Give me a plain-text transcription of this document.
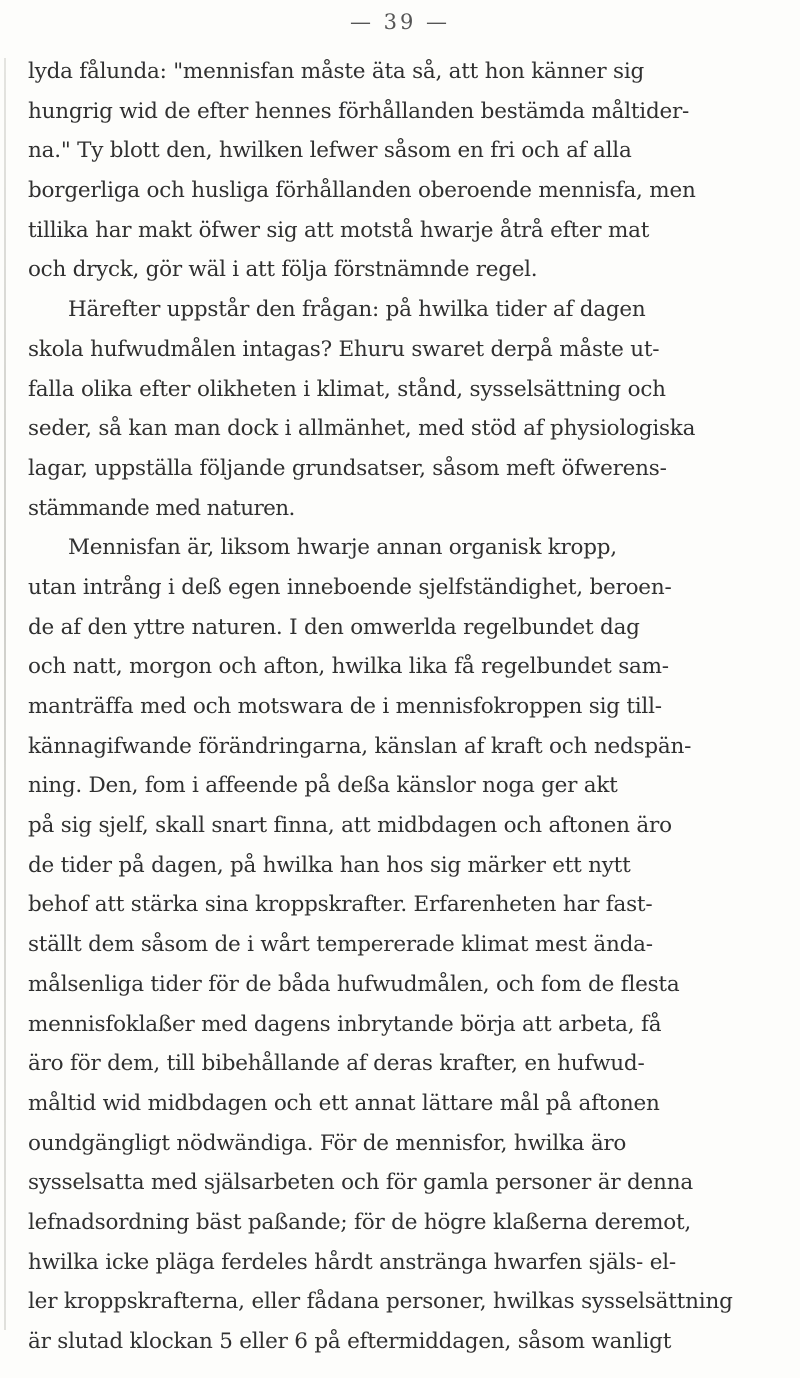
— 39 —
lyda fålunda: "mennisfan måste äta så, att hon känner sig
hungrig wid de efter hennes förhållanden bestämda måltider-
na." Ty blott den, hwilken lefwer såsom en fri och af alla
borgerliga och husliga förhållanden oberoende mennisfa, men
tillika har makt öfwer sig att motstå hwarje åtrå efter mat
och dryck, gör wäl i att följa förstnämnde regel.
Härefter uppstår den frågan: på hwilka tider af dagen
skola hufwudmålen intagas? Ehuru swaret derpå måste ut-
falla olika efter olikheten i klimat, stånd, sysselsättning och
seder, så kan man dock i allmänhet, med stöd af physiologiska
lagar, uppställa följande grundsatser, såsom meft öfwerens-
stämmande med naturen.
Mennisfan är, liksom hwarje annan organisk kropp,
utan intrång i deß egen inneboende sjelfständighet, beroen-
de af den yttre naturen. I den omwerlda regelbundet dag
och natt, morgon och afton, hwilka lika få regelbundet sam-
manträffa med och motswara de i mennisfokroppen sig till-
kännagifwande förändringarna, känslan af kraft och nedspän-
ning. Den, fom i affeende på deßa känslor noga ger akt
på sig sjelf, skall snart finna, att midbdagen och aftonen äro
de tider på dagen, på hwilka han hos sig märker ett nytt
behof att stärka sina kroppskrafter. Erfarenheten har fast-
ställt dem såsom de i wårt tempererade klimat mest ända-
målsenliga tider för de båda hufwudmålen, och fom de flesta
mennisfoklaßer med dagens inbrytande börja att arbeta, få
äro för dem, till bibehållande af deras krafter, en hufwud-
måltid wid midbdagen och ett annat lättare mål på aftonen
oundgängligt nödwändiga. För de mennisfor, hwilka äro
sysselsatta med själsarbeten och för gamla personer är denna
lefnadsordning bäst paßande; för de högre klaßerna deremot,
hwilka icke pläga ferdeles hårdt anstränga hwarfen själs- el-
ler kroppskrafterna, eller fådana personer, hwilkas sysselsättning
är slutad klockan 5 eller 6 på eftermiddagen, såsom wanligt
